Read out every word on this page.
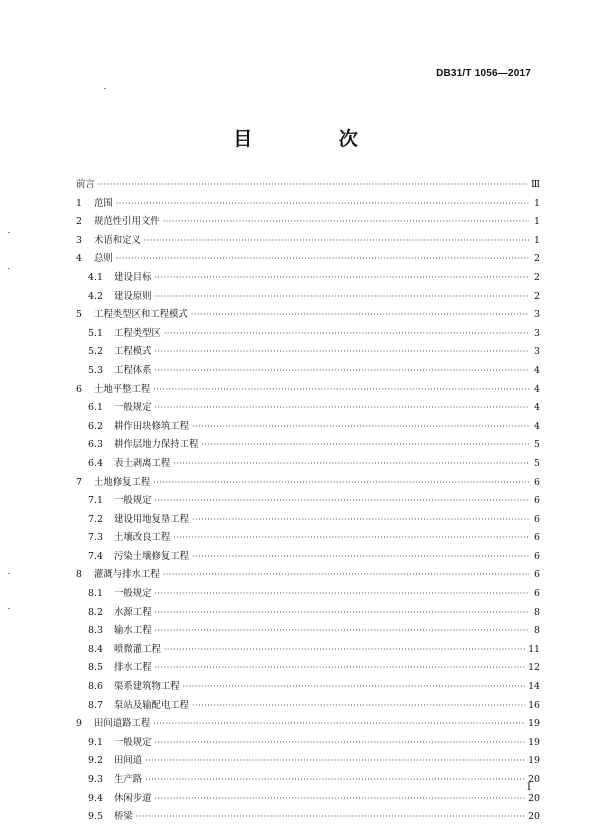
DB31/T 1056—2017
目 次
前言 ·····	Ⅲ
1	范围 ·····	1
2	规范性引用文件 ·····	1
3	术语和定义 ·····	1
4	总则 ·····	2
4.1	建设目标 ·····	2
4.2	建设原则 ·····	2
5	工程类型区和工程模式 ·····	3
5.1	工程类型区 ·····	3
5.2	工程模式 ·····	3
5.3	工程体系 ·····	4
6	土地平整工程 ·····	4
6.1	一般规定 ·····	4
6.2	耕作田块修筑工程 ·····	4
6.3	耕作层地力保持工程 ·····	5
6.4	表土剥离工程 ·····	5
7	土地修复工程 ·····	6
7.1	一般规定 ·····	6
7.2	建设用地复垦工程 ·····	6
7.3	土壤改良工程 ·····	6
7.4	污染土壤修复工程 ·····	6
8	灌溉与排水工程 ·····	6
8.1	一般规定 ·····	6
8.2	水源工程 ·····	8
8.3	输水工程 ·····	8
8.4	喷微灌工程 ·····	11
8.5	排水工程 ·····	12
8.6	渠系建筑物工程 ·····	14
8.7	泵站及输配电工程 ·····	16
9	田间道路工程 ·····	19
9.1	一般规定 ·····	19
9.2	田间道 ·····	19
9.3	生产路 ·····	20
9.4	休闲步道 ·····	20
9.5	桥梁 ·····	20
I
